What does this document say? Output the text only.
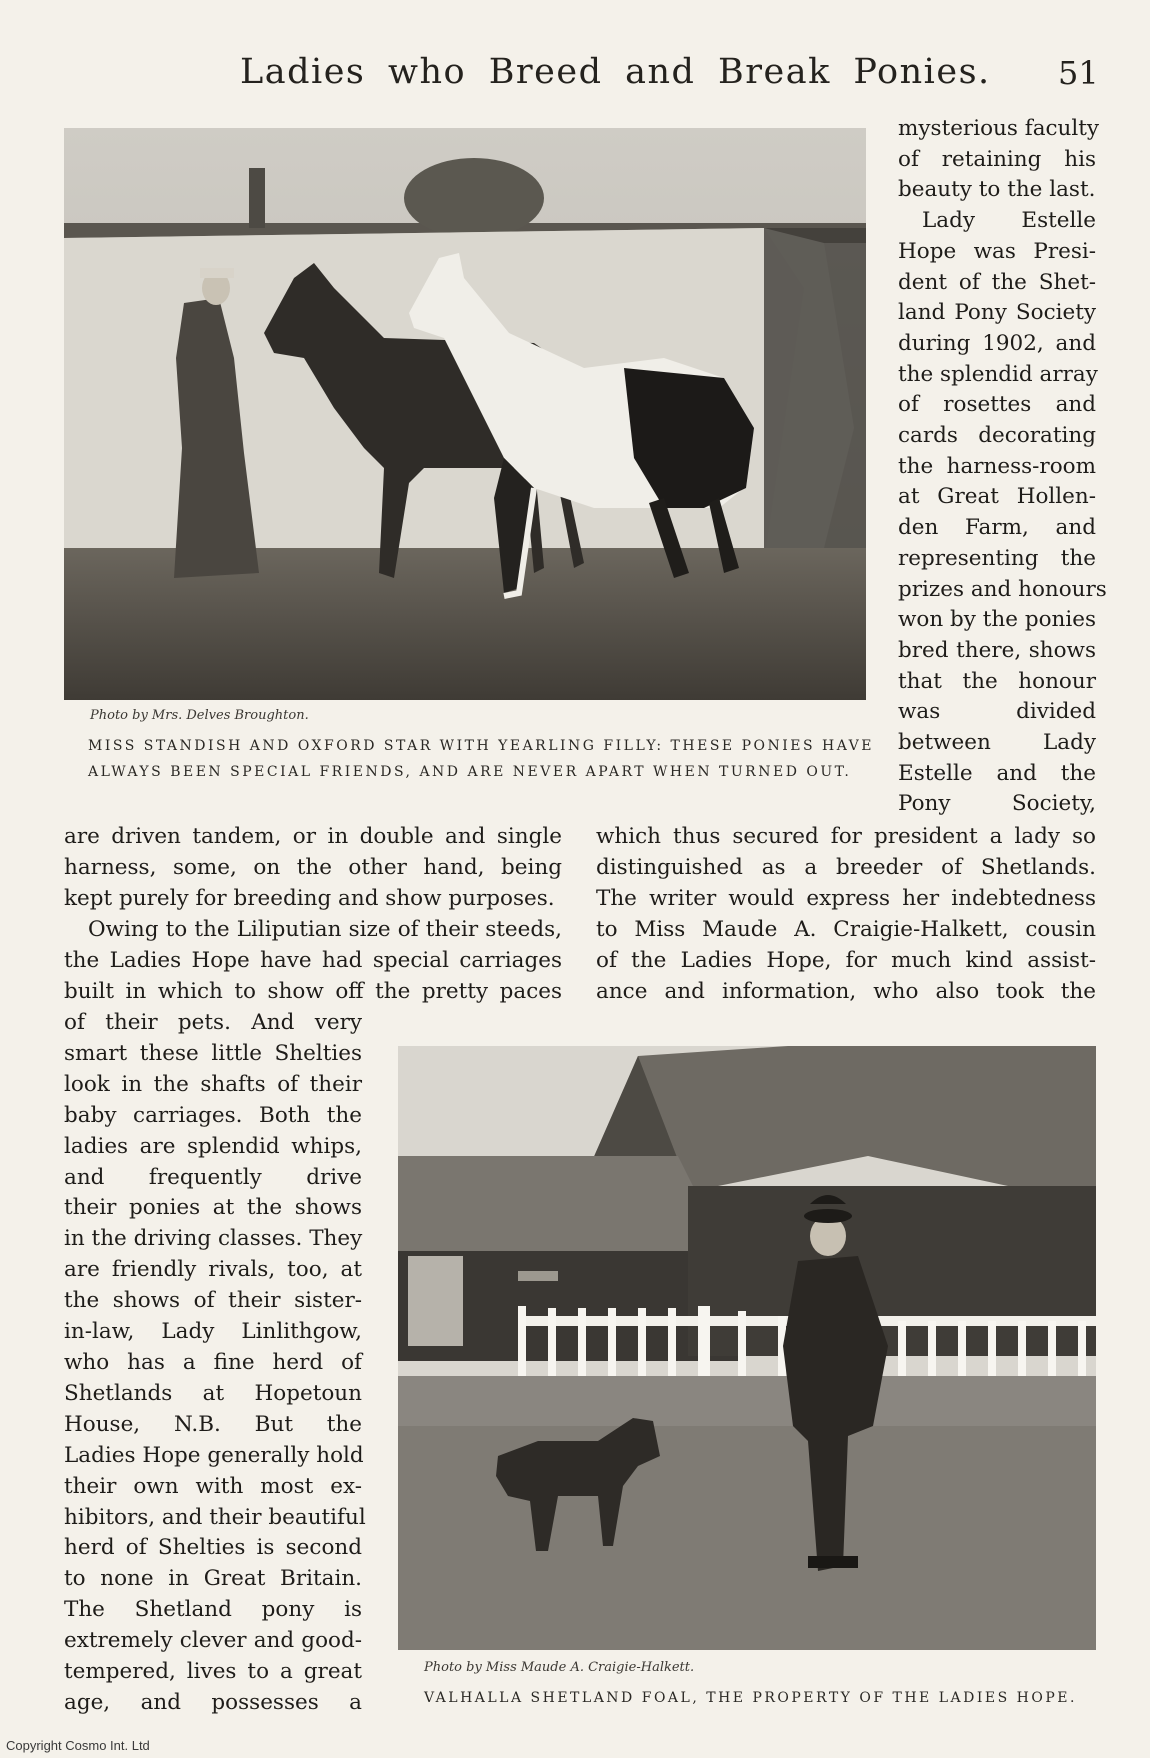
Ladies who Breed and Break Ponies. 51
Photo by Mrs. Delves Broughton.
MISS STANDISH AND OXFORD STAR WITH YEARLING FILLY: THESE PONIES HAVE
ALWAYS BEEN SPECIAL FRIENDS, AND ARE NEVER APART WHEN TURNED OUT.
mysterious faculty
of retaining his
beauty to the last.
Lady Estelle
Hope was Presi-
dent of the Shet-
land Pony Society
during 1902, and
the splendid array
of rosettes and
cards decorating
the harness-room
at Great Hollen-
den Farm, and
representing the
prizes and honours
won by the ponies
bred there, shows
that the honour
was divided
between Lady
Estelle and the
Pony Society,
are driven tandem, or in double and single
harness, some, on the other hand, being
kept purely for breeding and show purposes.
Owing to the Liliputian size of their steeds,
the Ladies Hope have had special carriages
built in which to show off the pretty paces
which thus secured for president a lady so
distinguished as a breeder of Shetlands.
The writer would express her indebtedness
to Miss Maude A. Craigie-Halkett, cousin
of the Ladies Hope, for much kind assist-
ance and information, who also took the
of their pets. And very
smart these little Shelties
look in the shafts of their
baby carriages. Both the
ladies are splendid whips,
and frequently drive
their ponies at the shows
in the driving classes. They
are friendly rivals, too, at
the shows of their sister-
in-law, Lady Linlithgow,
who has a fine herd of
Shetlands at Hopetoun
House, N.B. But the
Ladies Hope generally hold
their own with most ex-
hibitors, and their beautiful
herd of Shelties is second
to none in Great Britain.
The Shetland pony is
extremely clever and good-
tempered, lives to a great
age, and possesses a
Photo by Miss Maude A. Craigie-Halkett.
VALHALLA SHETLAND FOAL, THE PROPERTY OF THE LADIES HOPE.
Copyright Cosmo Int. Ltd
